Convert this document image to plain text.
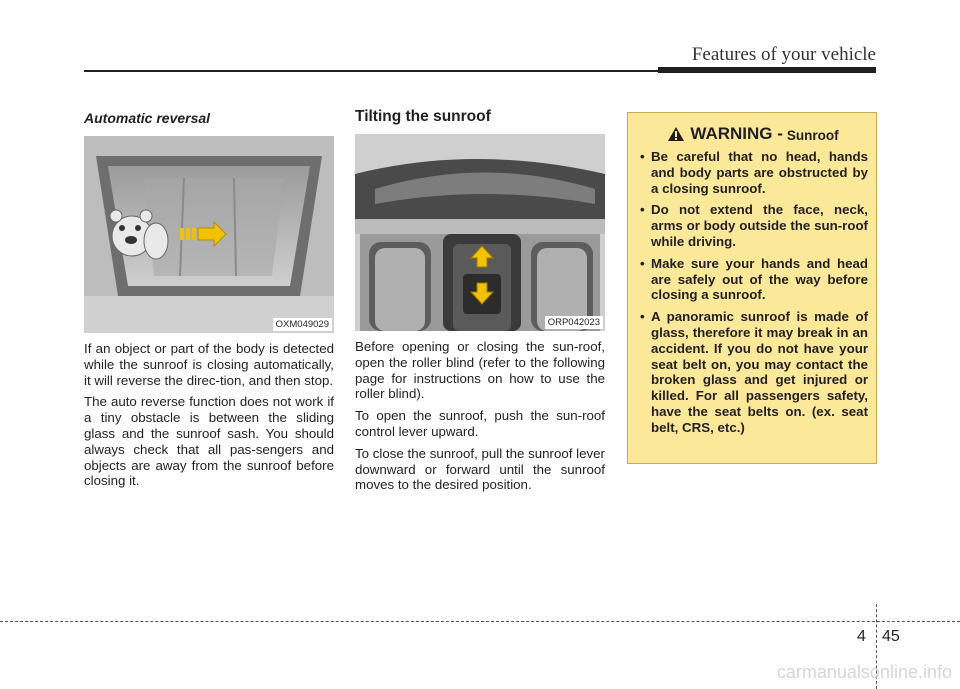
Features of your vehicle
Automatic reversal
OXM049029

If an object or part of the body is detected while the sunroof is closing automatically, it will reverse the direc-tion, and then stop.

The auto reverse function does not work if a tiny obstacle is between the sliding glass and the sunroof sash. You should always check that all pas-sengers and objects are away from the sunroof before closing it.

Tilting the sunroof
ORP042023

Before opening or closing the sun-roof, open the roller blind (refer to the following page for instructions on how to use the roller blind).

To open the sunroof, push the sun-roof control lever upward.

To close the sunroof, pull the sunroof lever downward or forward until the sunroof moves to the desired position.

WARNING - Sunroof
• Be careful that no head, hands and body parts are obstructed by a closing sunroof.
• Do not extend the face, neck, arms or body outside the sun-roof while driving.
• Make sure your hands and head are safely out of the way before closing a sunroof.
• A panoramic sunroof is made of glass, therefore it may break in an accident. If you do not have your seat belt on, you may contact the broken glass and get injured or killed. For all passengers safety, have the seat belts on. (ex. seat belt, CRS, etc.)
4 45
carmanualsonline.info
